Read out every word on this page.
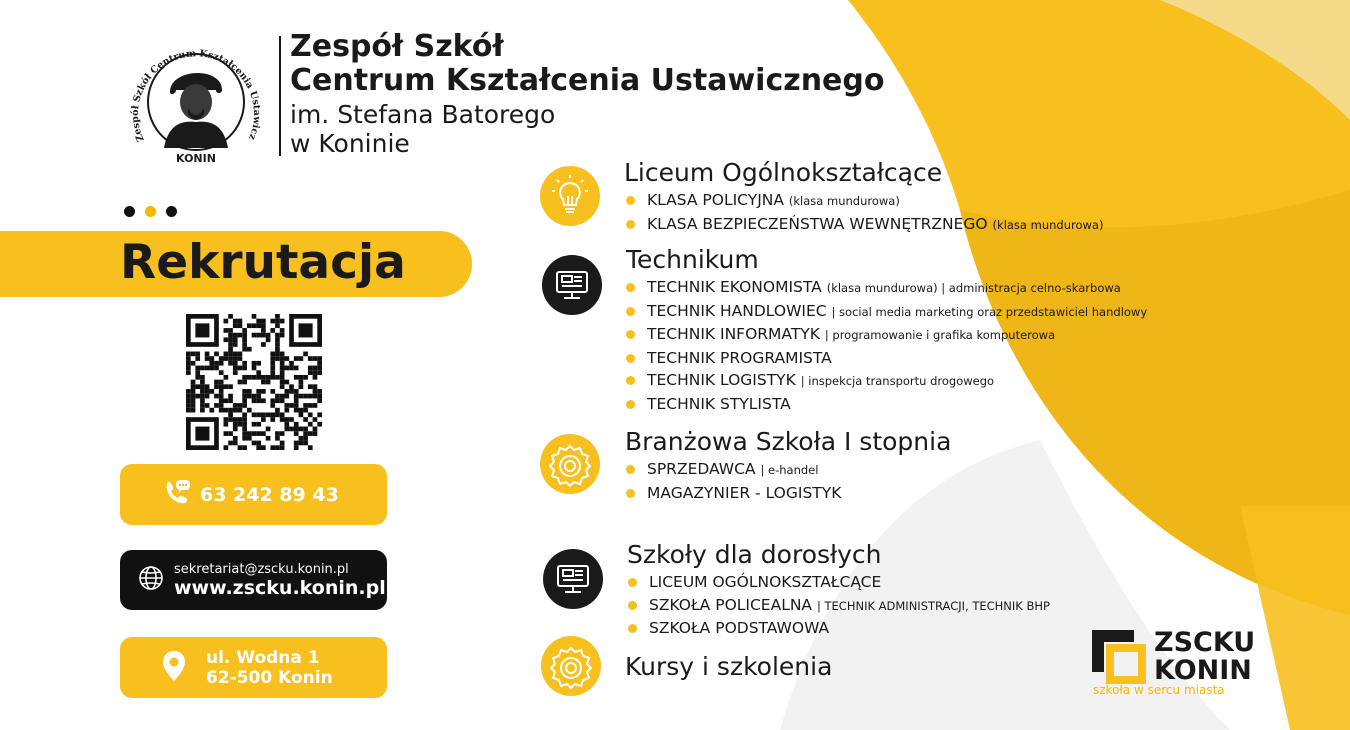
Zespół Szkół Centrum Kształcenia Ustawicz
KONIN
Zespół Szkół
Centrum Kształcenia Ustawicznego
im. Stefana Batorego
w Koninie
Rekrutacja
63 242 89 43
sekretariat@zscku.konin.pl
www.zscku.konin.pl
ul. Wodna 1
62-500 Konin
Liceum Ogólnokształcące
KLASA POLICYJNA (klasa mundurowa)
KLASA BEZPIECZEŃSTWA WEWNĘTRZNEGO (klasa mundurowa)
Technikum
TECHNIK EKONOMISTA (klasa mundurowa) | administracja celno-skarbowa
TECHNIK HANDLOWIEC | social media marketing oraz przedstawiciel handlowy
TECHNIK INFORMATYK | programowanie i grafika komputerowa
TECHNIK PROGRAMISTA
TECHNIK LOGISTYK | inspekcja transportu drogowego
TECHNIK STYLISTA
Branżowa Szkoła I stopnia
SPRZEDAWCA | e-handel
MAGAZYNIER - LOGISTYK
Szkoły dla dorosłych
LICEUM OGÓLNOKSZTAŁCĄCE
SZKOŁA POLICEALNA | TECHNIK ADMINISTRACJI, TECHNIK BHP
SZKOŁA PODSTAWOWA
Kursy i szkolenia
ZSCKU
KONIN
szkoła w sercu miasta
